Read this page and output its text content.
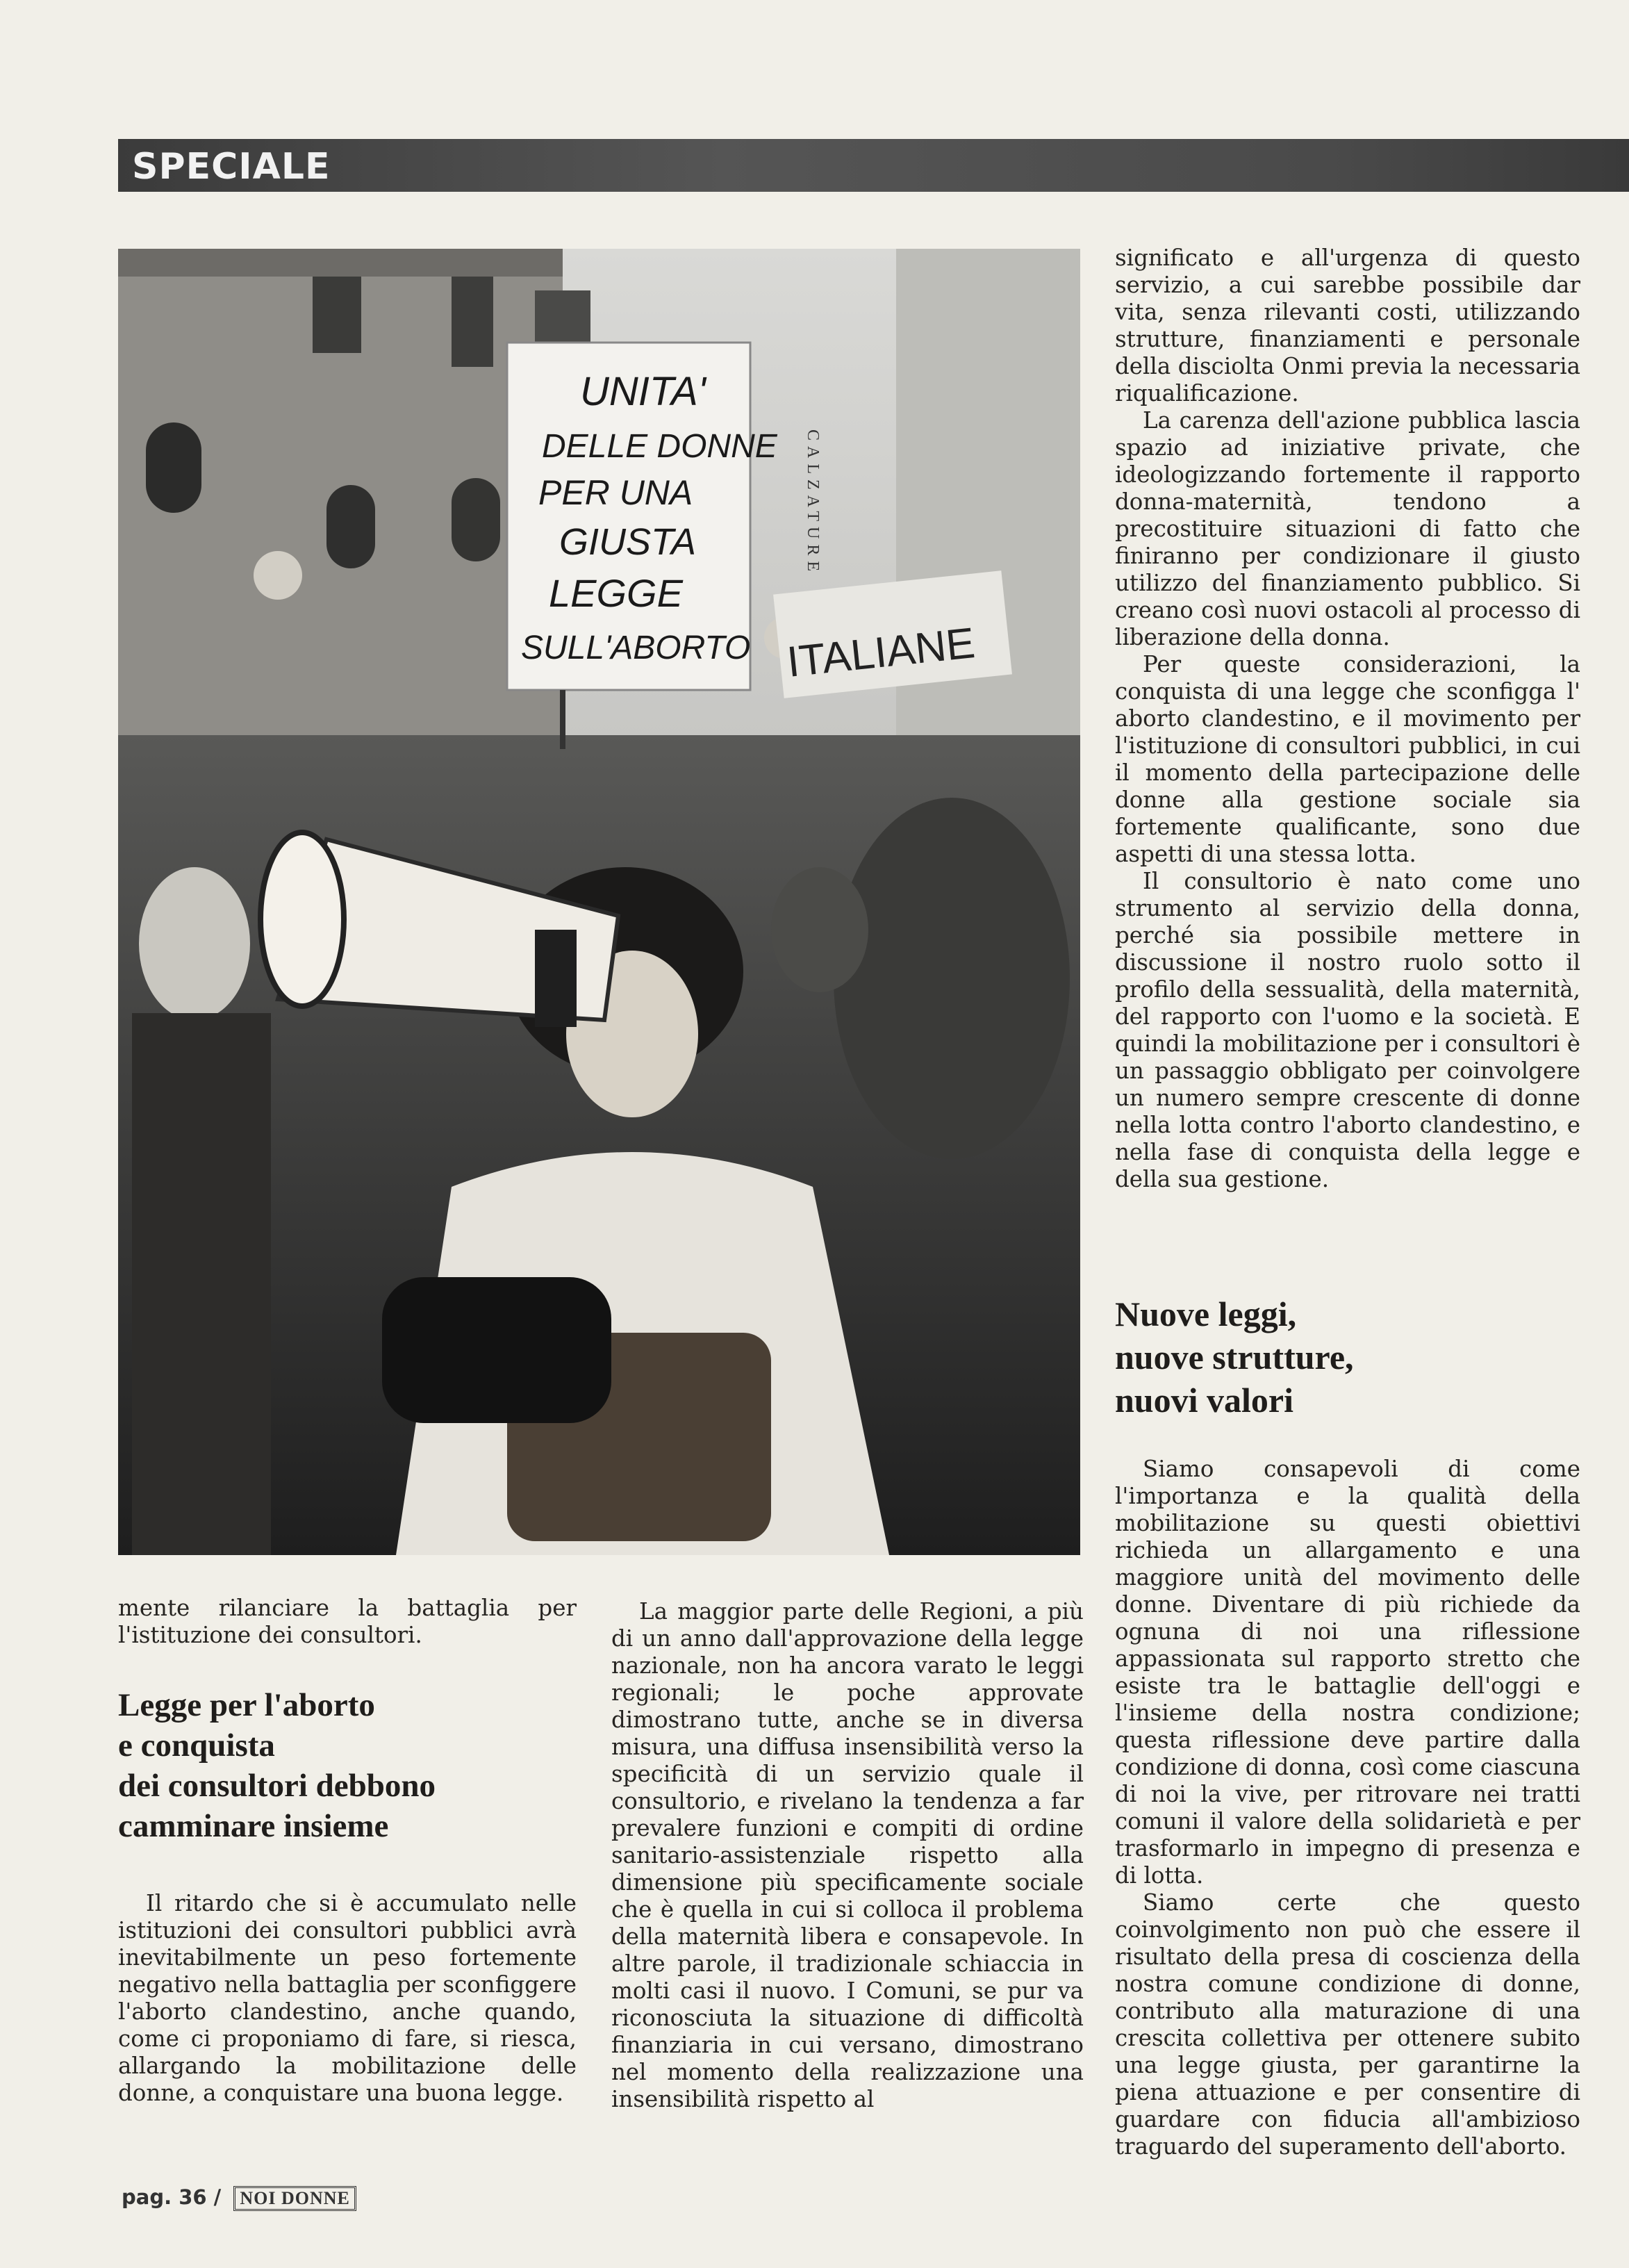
SPECIALE
UNITA'
DELLE DONNE
PER UNA
GIUSTA
LEGGE
SULL'ABORTO
CALZATURE
ITALIANE

mente rilanciare la battaglia per l'istituzione dei consultori.

Legge per l'aborto
e conquista
dei consultori debbono
camminare insieme

Il ritardo che si è accumulato nelle istituzioni dei consultori pubblici avrà inevitabilmente un peso fortemente negativo nella battaglia per sconfiggere l'aborto clandestino, anche quando, come ci proponiamo di fare, si riesca, allargando la mobilitazione delle donne, a conquistare una buona legge.

La maggior parte delle Regioni, a più di un anno dall'approvazione della legge nazionale, non ha ancora varato le leggi regionali; le poche approvate dimostrano tutte, anche se in diversa misura, una diffusa insensibilità verso la specificità di un servizio quale il consultorio, e rivelano la tendenza a far prevalere funzioni e compiti di ordine sanitario-assistenziale rispetto alla dimensione più specificamente sociale che è quella in cui si colloca il problema della maternità libera e consapevole. In altre parole, il tradizionale schiaccia in molti casi il nuovo. I Comuni, se pur va riconosciuta la situazione di difficoltà finanziaria in cui versano, dimostrano nel momento della realizzazione una insensibilità rispetto al

significato e all'urgenza di questo servizio, a cui sarebbe possibile dar vita, senza rilevanti costi, utilizzando strutture, finanziamenti e personale della disciolta Onmi previa la necessaria riqualificazione.

La carenza dell'azione pubblica lascia spazio ad iniziative private, che ideologizzando fortemente il rapporto donna-maternità, tendono a precostituire situazioni di fatto che finiranno per condizionare il giusto utilizzo del finanziamento pubblico. Si creano così nuovi ostacoli al processo di liberazione della donna.

Per queste considerazioni, la conquista di una legge che sconfigga l' aborto clandestino, e il movimento per l'istituzione di consultori pubblici, in cui il momento della partecipazione delle donne alla gestione sociale sia fortemente qualificante, sono due aspetti di una stessa lotta.

Il consultorio è nato come uno strumento al servizio della donna, perché sia possibile mettere in discussione il nostro ruolo sotto il profilo della sessualità, della maternità, del rapporto con l'uomo e la società. E quindi la mobilitazione per i consultori è un passaggio obbligato per coinvolgere un numero sempre crescente di donne nella lotta contro l'aborto clandestino, e nella fase di conquista della legge e della sua gestione.

Nuove leggi,
nuove strutture,
nuovi valori

Siamo consapevoli di come l'importanza e la qualità della mobilitazione su questi obiettivi richieda un allargamento e una maggiore unità del movimento delle donne. Diventare di più richiede da ognuna di noi una riflessione appassionata sul rapporto stretto che esiste tra le battaglie dell'oggi e l'insieme della nostra condizione; questa riflessione deve partire dalla condizione di donna, così come ciascuna di noi la vive, per ritrovare nei tratti comuni il valore della solidarietà e per trasformarlo in impegno di presenza e di lotta.

Siamo certe che questo coinvolgimento non può che essere il risultato della presa di coscienza della nostra comune condizione di donne, contributo alla maturazione di una crescita collettiva per ottenere subito una legge giusta, per garantirne la piena attuazione e per consentire di guardare con fiducia all'ambizioso traguardo del superamento dell'aborto.

pag. 36 / NOI DONNE
